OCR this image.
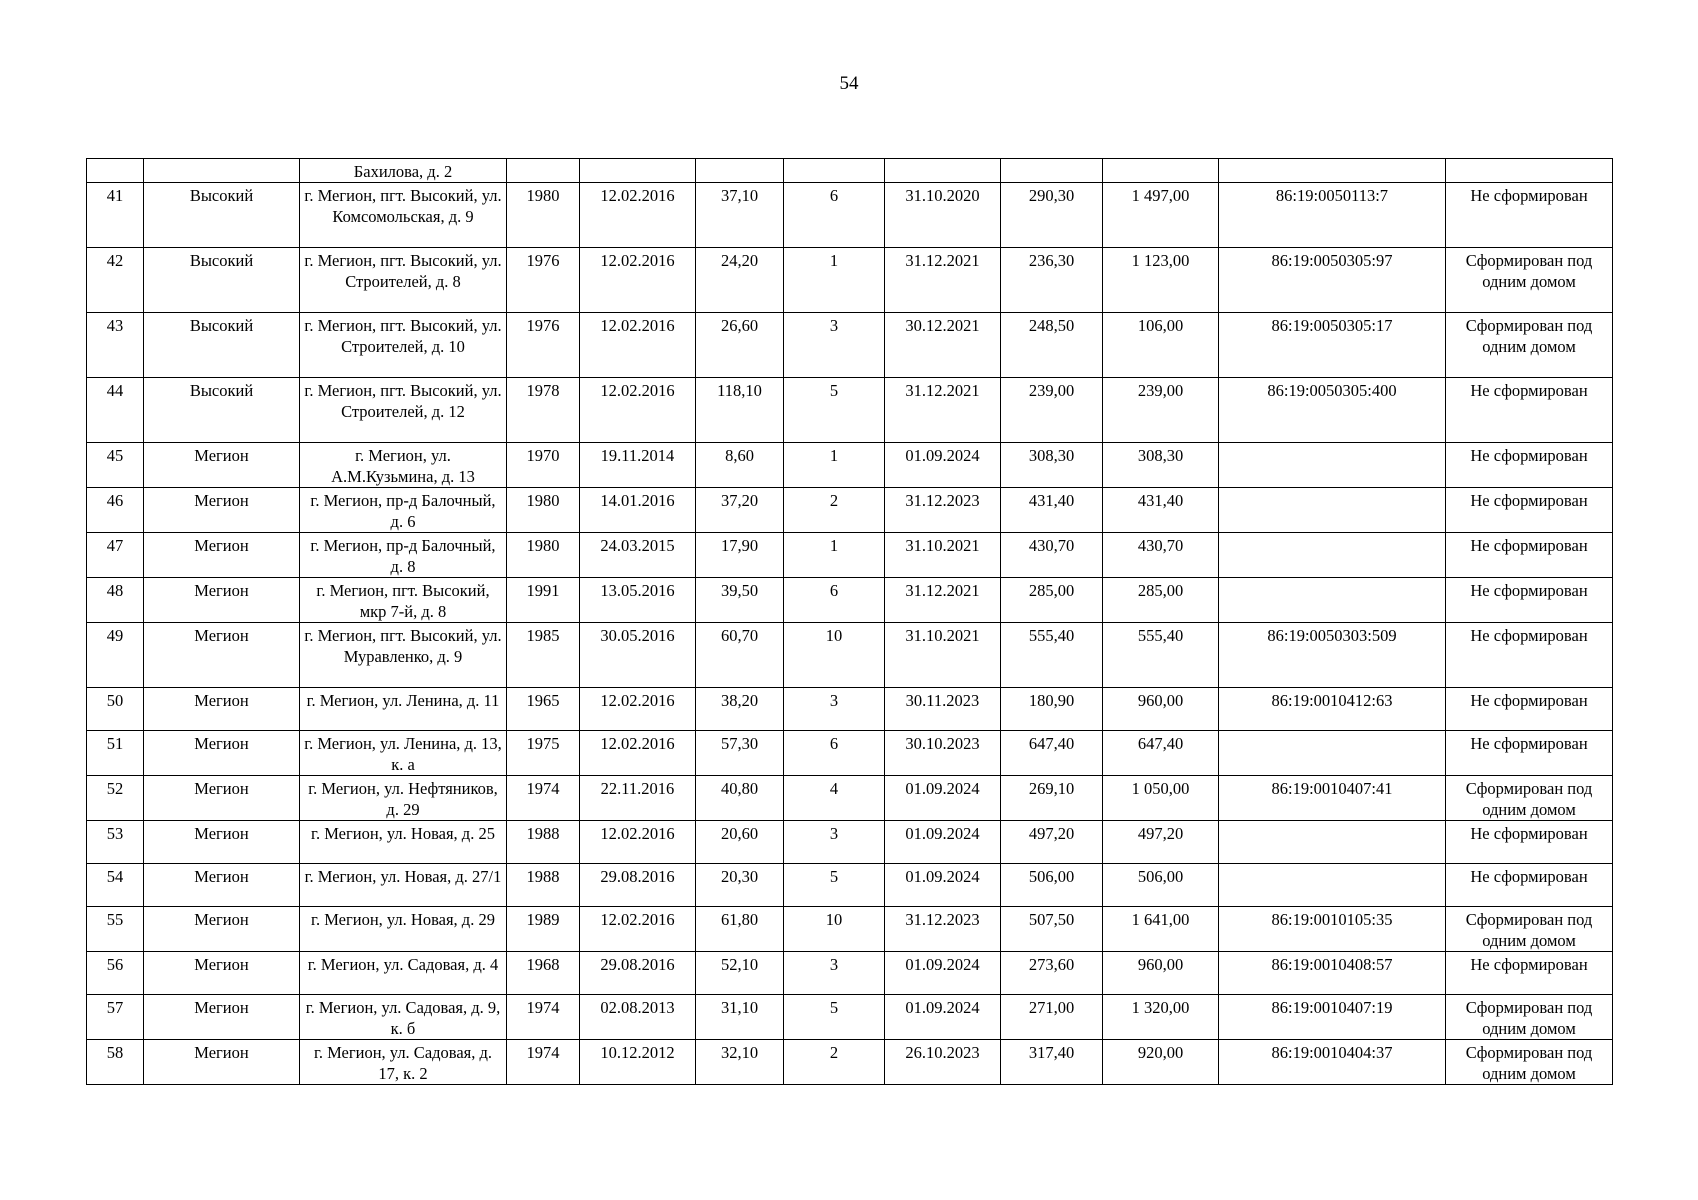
54
		Бахилова, д. 2									
41	Высокий	г. Мегион, пгт. Высокий, ул. Комсомольская, д. 9	1980	12.02.2016	37,10	6	31.10.2020	290,30	1 497,00	86:19:0050113:7	Не сформирован
42	Высокий	г. Мегион, пгт. Высокий, ул. Строителей, д. 8	1976	12.02.2016	24,20	1	31.12.2021	236,30	1 123,00	86:19:0050305:97	Сформирован под одним домом
43	Высокий	г. Мегион, пгт. Высокий, ул. Строителей, д. 10	1976	12.02.2016	26,60	3	30.12.2021	248,50	106,00	86:19:0050305:17	Сформирован под одним домом
44	Высокий	г. Мегион, пгт. Высокий, ул. Строителей, д. 12	1978	12.02.2016	118,10	5	31.12.2021	239,00	239,00	86:19:0050305:400	Не сформирован
45	Мегион	г. Мегион, ул. А.М.Кузьмина, д. 13	1970	19.11.2014	8,60	1	01.09.2024	308,30	308,30		Не сформирован
46	Мегион	г. Мегион, пр-д Балочный, д. 6	1980	14.01.2016	37,20	2	31.12.2023	431,40	431,40		Не сформирован
47	Мегион	г. Мегион, пр-д Балочный, д. 8	1980	24.03.2015	17,90	1	31.10.2021	430,70	430,70		Не сформирован
48	Мегион	г. Мегион, пгт. Высокий, мкр 7-й, д. 8	1991	13.05.2016	39,50	6	31.12.2021	285,00	285,00		Не сформирован
49	Мегион	г. Мегион, пгт. Высокий, ул. Муравленко, д. 9	1985	30.05.2016	60,70	10	31.10.2021	555,40	555,40	86:19:0050303:509	Не сформирован
50	Мегион	г. Мегион, ул. Ленина, д. 11	1965	12.02.2016	38,20	3	30.11.2023	180,90	960,00	86:19:0010412:63	Не сформирован
51	Мегион	г. Мегион, ул. Ленина, д. 13, к. а	1975	12.02.2016	57,30	6	30.10.2023	647,40	647,40		Не сформирован
52	Мегион	г. Мегион, ул. Нефтяников, д. 29	1974	22.11.2016	40,80	4	01.09.2024	269,10	1 050,00	86:19:0010407:41	Сформирован под одним домом
53	Мегион	г. Мегион, ул. Новая, д. 25	1988	12.02.2016	20,60	3	01.09.2024	497,20	497,20		Не сформирован
54	Мегион	г. Мегион, ул. Новая, д. 27/1	1988	29.08.2016	20,30	5	01.09.2024	506,00	506,00		Не сформирован
55	Мегион	г. Мегион, ул. Новая, д. 29	1989	12.02.2016	61,80	10	31.12.2023	507,50	1 641,00	86:19:0010105:35	Сформирован под одним домом
56	Мегион	г. Мегион, ул. Садовая, д. 4	1968	29.08.2016	52,10	3	01.09.2024	273,60	960,00	86:19:0010408:57	Не сформирован
57	Мегион	г. Мегион, ул. Садовая, д. 9, к. б	1974	02.08.2013	31,10	5	01.09.2024	271,00	1 320,00	86:19:0010407:19	Сформирован под одним домом
58	Мегион	г. Мегион, ул. Садовая, д. 17, к. 2	1974	10.12.2012	32,10	2	26.10.2023	317,40	920,00	86:19:0010404:37	Сформирован под одним домом
